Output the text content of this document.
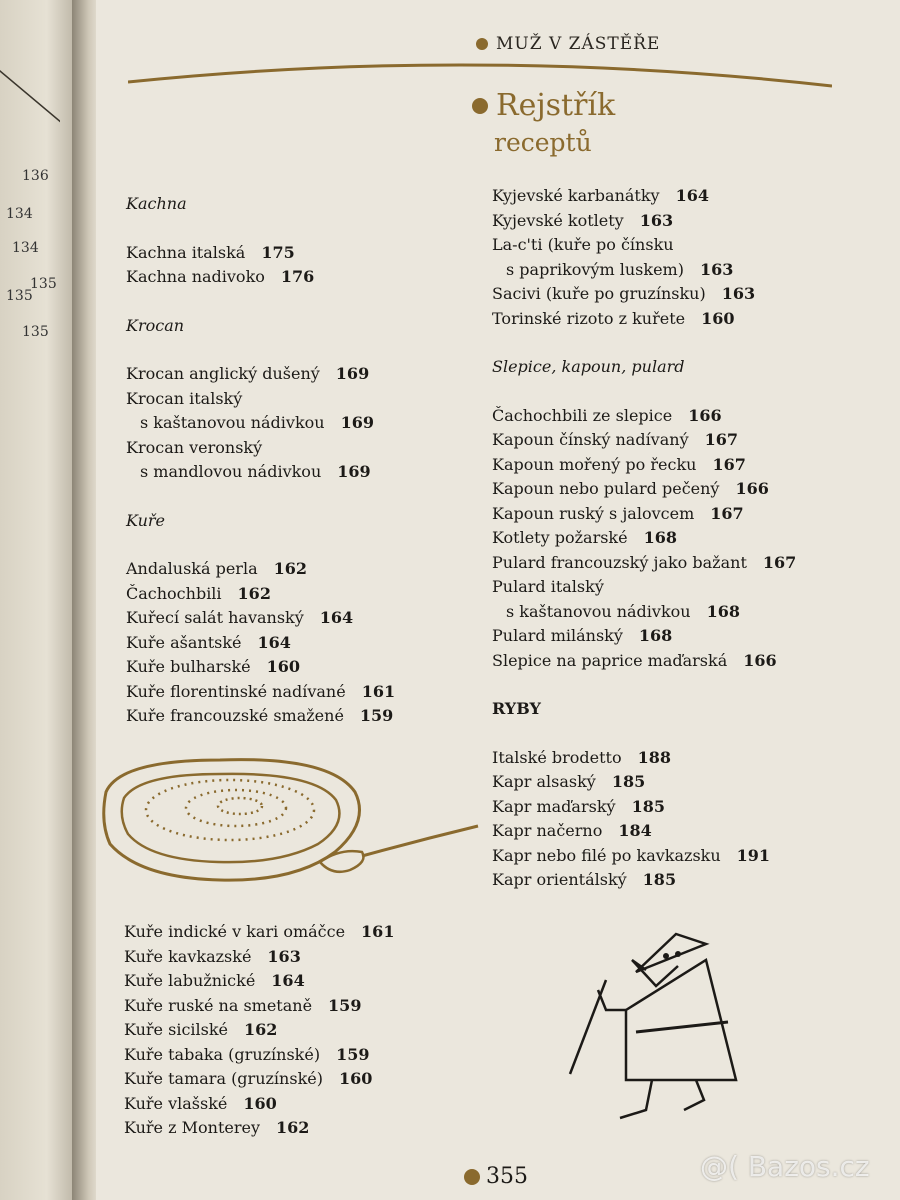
136
134
134
135
135
135
MUŽ V ZÁSTĚŘE
Rejstřík
receptů
Kachna
Kachna italská 175
Kachna nadivoko 176
Krocan
Krocan anglický dušený 169
Krocan italský
s kaštanovou nádivkou 169
Krocan veronský
s mandlovou nádivkou 169
Kuře
Andaluská perla 162
Čachochbili 162
Kuřecí salát havanský 164
Kuře ašantské 164
Kuře bulharské 160
Kuře florentinské nadívané 161
Kuře francouzské smažené 159
Kuře indické v kari omáčce 161
Kuře kavkazské 163
Kuře labužnické 164
Kuře ruské na smetaně 159
Kuře sicilské 162
Kuře tabaka (gruzínské) 159
Kuře tamara (gruzínské) 160
Kuře vlašské 160
Kuře z Monterey 162
Kyjevské karbanátky 164
Kyjevské kotlety 163
La-c'ti (kuře po čínsku
s paprikovým luskem) 163
Sacivi (kuře po gruzínsku) 163
Torinské rizoto z kuřete 160
Slepice, kapoun, pulard
Čachochbili ze slepice 166
Kapoun čínský nadívaný 167
Kapoun mořený po řecku 167
Kapoun nebo pulard pečený 166
Kapoun ruský s jalovcem 167
Kotlety požarské 168
Pulard francouzský jako bažant 167
Pulard italský
s kaštanovou nádivkou 168
Pulard milánský 168
Slepice na paprice maďarská 166
RYBY
Italské brodetto 188
Kapr alsaský 185
Kapr maďarský 185
Kapr načerno 184
Kapr nebo filé po kavkazsku 191
Kapr orientálský 185
355	@( Bazos.cz
